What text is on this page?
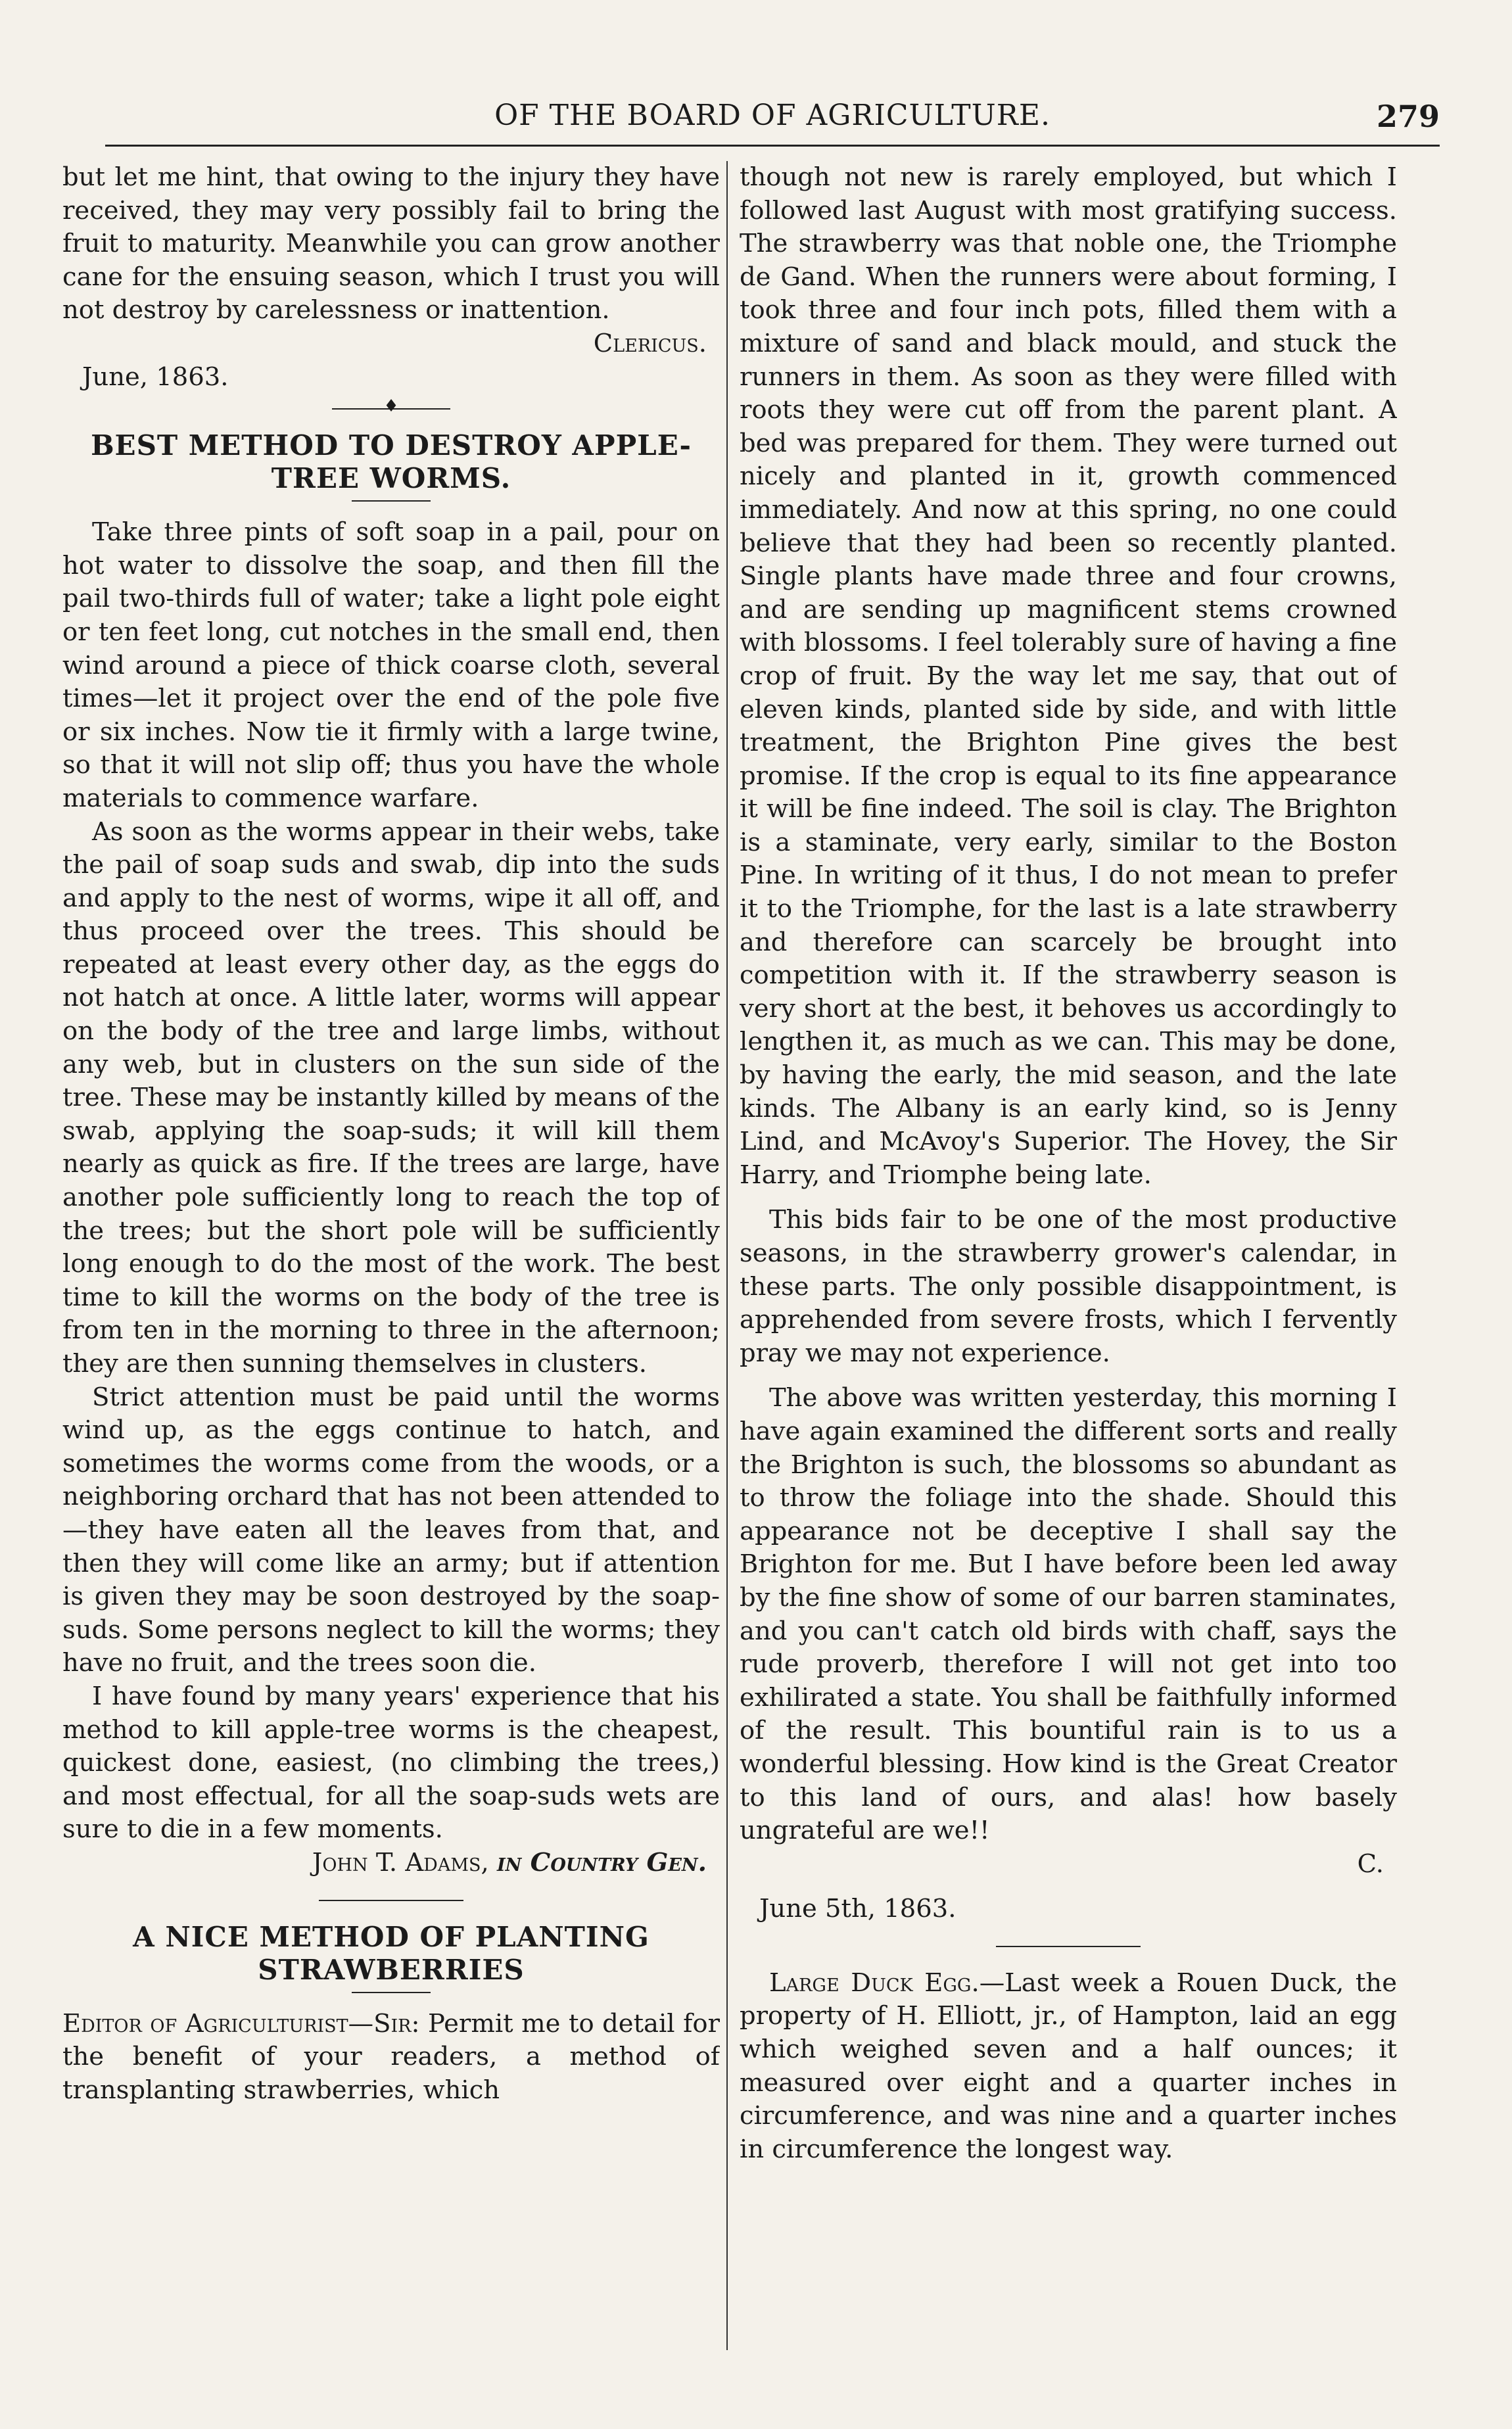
OF THE BOARD OF AGRICULTURE.	279

but let me hint, that owing to the injury they have received, they may very possibly fail to bring the fruit to maturity. Meanwhile you can grow another cane for the ensuing season, which I trust you will not destroy by carelessness or inattention.

Clericus.

June, 1863.

♦
BEST METHOD TO DESTROY APPLE-TREE WORMS.

Take three pints of soft soap in a pail, pour on hot water to dissolve the soap, and then fill the pail two-thirds full of water; take a light pole eight or ten feet long, cut notches in the small end, then wind around a piece of thick coarse cloth, several times—let it project over the end of the pole five or six inches. Now tie it firmly with a large twine, so that it will not slip off; thus you have the whole materials to commence warfare.

As soon as the worms appear in their webs, take the pail of soap suds and swab, dip into the suds and apply to the nest of worms, wipe it all off, and thus proceed over the trees. This should be repeated at least every other day, as the eggs do not hatch at once. A little later, worms will appear on the body of the tree and large limbs, without any web, but in clusters on the sun side of the tree. These may be instantly killed by means of the swab, applying the soap-suds; it will kill them nearly as quick as fire. If the trees are large, have another pole sufficiently long to reach the top of the trees; but the short pole will be sufficiently long enough to do the most of the work. The best time to kill the worms on the body of the tree is from ten in the morning to three in the afternoon; they are then sunning themselves in clusters.

Strict attention must be paid until the worms wind up, as the eggs continue to hatch, and sometimes the worms come from the woods, or a neighboring orchard that has not been attended to—they have eaten all the leaves from that, and then they will come like an army; but if attention is given they may be soon destroyed by the soap-suds. Some persons neglect to kill the worms; they have no fruit, and the trees soon die.

I have found by many years' experience that his method to kill apple-tree worms is the cheapest, quickest done, easiest, (no climbing the trees,) and most effectual, for all the soap-suds wets are sure to die in a few moments.

John T. Adams, in Country Gen.

A NICE METHOD OF PLANTING STRAWBERRIES

Editor of Agriculturist—Sir: Permit me to detail for the benefit of your readers, a method of transplanting strawberries, which

though not new is rarely employed, but which I followed last August with most gratifying success. The strawberry was that noble one, the Triomphe de Gand. When the runners were about forming, I took three and four inch pots, filled them with a mixture of sand and black mould, and stuck the runners in them. As soon as they were filled with roots they were cut off from the parent plant. A bed was prepared for them. They were turned out nicely and planted in it, growth commenced immediately. And now at this spring, no one could believe that they had been so recently planted. Single plants have made three and four crowns, and are sending up magnificent stems crowned with blossoms. I feel tolerably sure of having a fine crop of fruit. By the way let me say, that out of eleven kinds, planted side by side, and with little treatment, the Brighton Pine gives the best promise. If the crop is equal to its fine appearance it will be fine indeed. The soil is clay. The Brighton is a staminate, very early, similar to the Boston Pine. In writing of it thus, I do not mean to prefer it to the Triomphe, for the last is a late strawberry and therefore can scarcely be brought into competition with it. If the strawberry season is very short at the best, it behoves us accordingly to lengthen it, as much as we can. This may be done, by having the early, the mid season, and the late kinds. The Albany is an early kind, so is Jenny Lind, and McAvoy's Superior. The Hovey, the Sir Harry, and Triomphe being late.

This bids fair to be one of the most productive seasons, in the strawberry grower's calendar, in these parts. The only possible disappointment, is apprehended from severe frosts, which I fervently pray we may not experience.

The above was written yesterday, this morning I have again examined the different sorts and really the Brighton is such, the blossoms so abundant as to throw the foliage into the shade. Should this appearance not be deceptive I shall say the Brighton for me. But I have before been led away by the fine show of some of our barren staminates, and you can't catch old birds with chaff, says the rude proverb, therefore I will not get into too exhilirated a state. You shall be faithfully informed of the result. This bountiful rain is to us a wonderful blessing. How kind is the Great Creator to this land of ours, and alas! how basely ungrateful are we!!

C.

June 5th, 1863.

Large Duck Egg.—Last week a Rouen Duck, the property of H. Elliott, jr., of Hampton, laid an egg which weighed seven and a half ounces; it measured over eight and a quarter inches in circumference, and was nine and a quarter inches in circumference the longest way.
